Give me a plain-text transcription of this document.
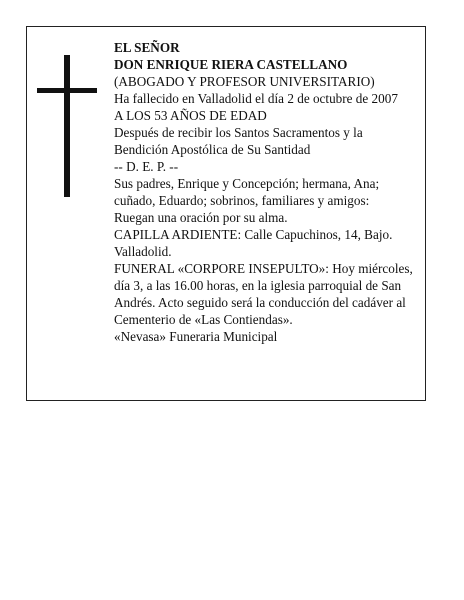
EL SEÑOR
DON ENRIQUE RIERA CASTELLANO
(ABOGADO Y PROFESOR UNIVERSITARIO)
Ha fallecido en Valladolid el día 2 de octubre de 2007
A LOS 53 AÑOS DE EDAD
Después de recibir los Santos Sacramentos y la
Bendición Apostólica de Su Santidad
-- D. E. P. --
Sus padres, Enrique y Concepción; hermana, Ana;
cuñado, Eduardo; sobrinos, familiares y amigos:
Ruegan una oración por su alma.
CAPILLA ARDIENTE: Calle Capuchinos, 14, Bajo.
Valladolid.
FUNERAL «CORPORE INSEPULTO»: Hoy miércoles,
día 3, a las 16.00 horas, en la iglesia parroquial de San
Andrés. Acto seguido será la conducción del cadáver al
Cementerio de «Las Contiendas».
«Nevasa» Funeraria Municipal
